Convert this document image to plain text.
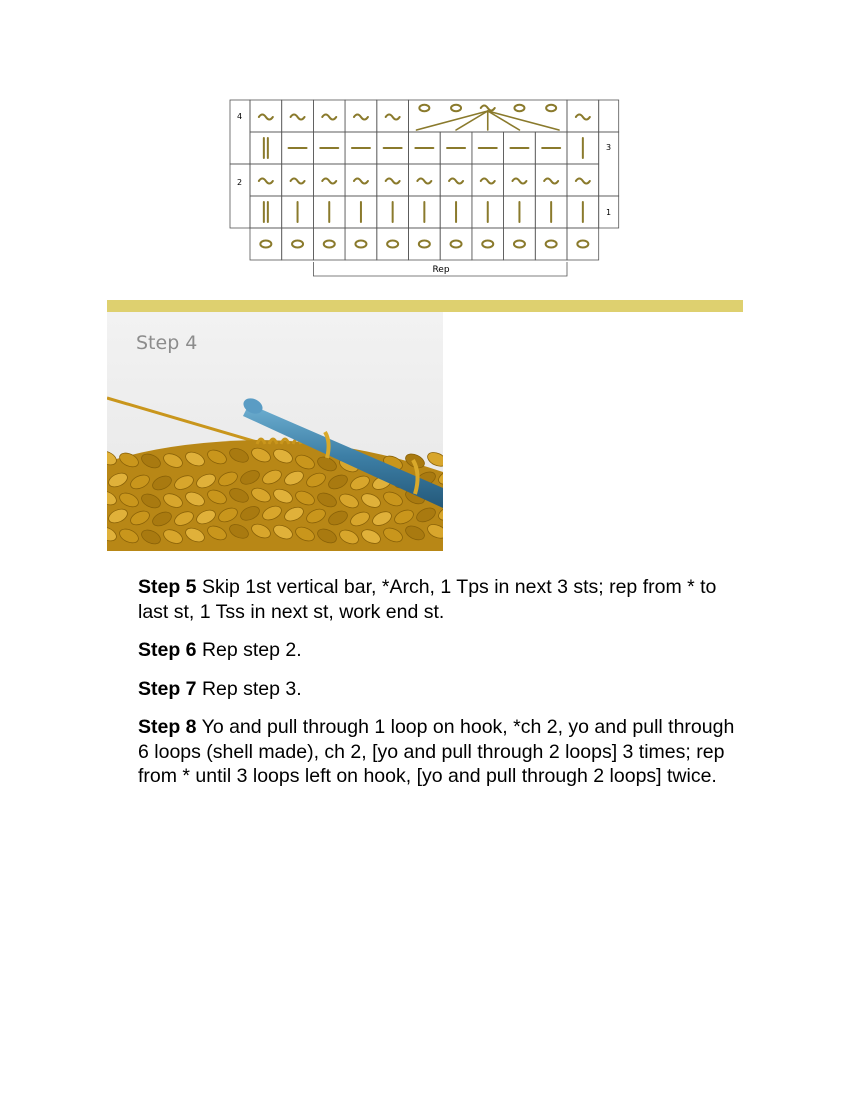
4
3
2
1
Rep
Step 4

Step 5 Skip 1st vertical bar, *Arch, 1 Tps in next 3 sts; rep from * to last st, 1 Tss in next st, work end st.

Step 6 Rep step 2.

Step 7 Rep step 3.

Step 8 Yo and pull through 1 loop on hook, *ch 2, yo and pull through 6 loops (shell made), ch 2, [yo and pull through 2 loops] 3 times; rep from * until 3 loops left on hook, [yo and pull through 2 loops] twice.
